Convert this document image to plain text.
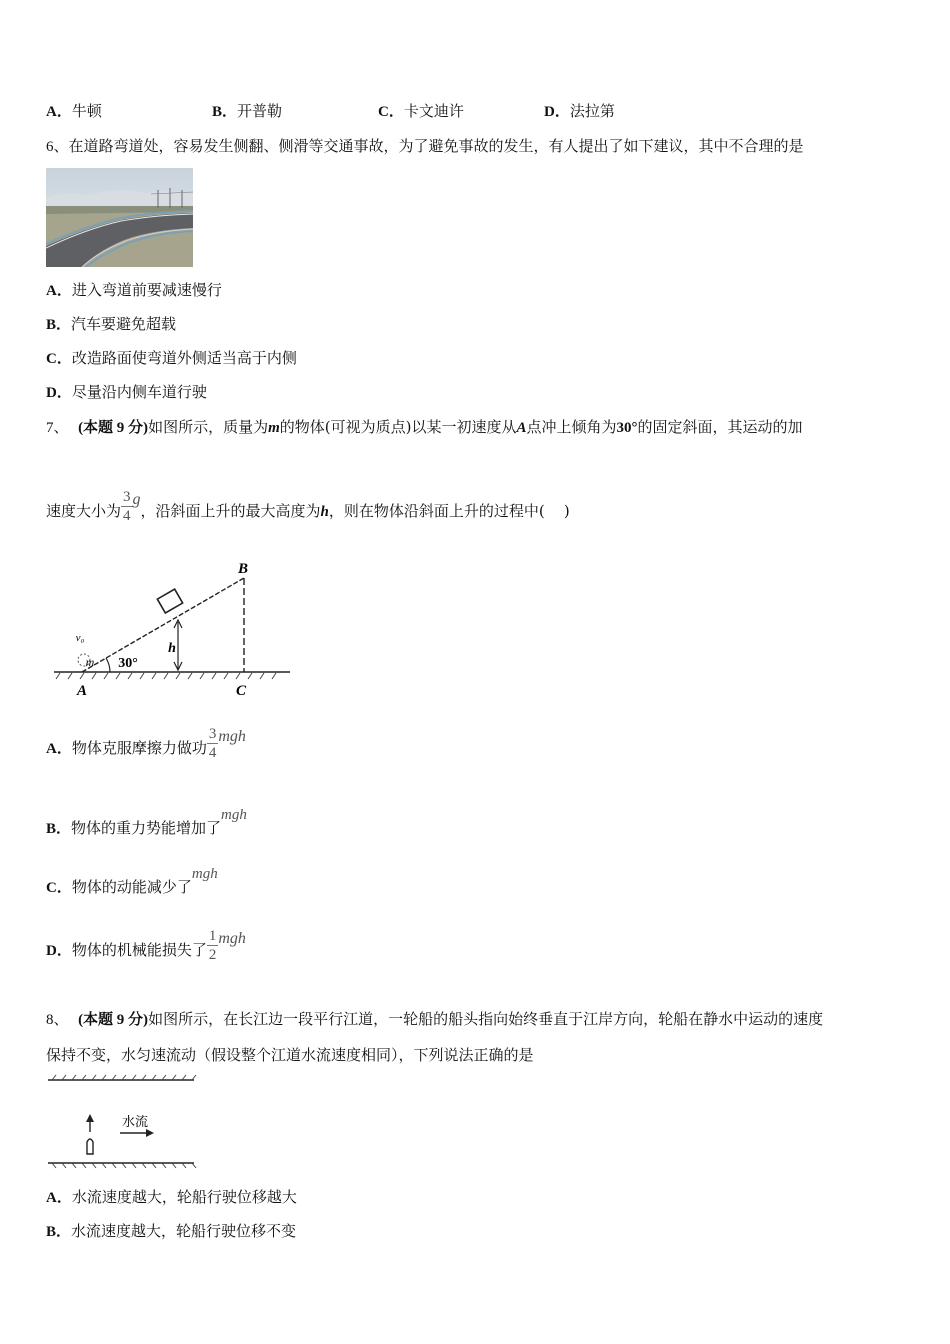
A．牛顿	B．开普勒	C．卡文迪许	D．法拉第
6、在道路弯道处，容易发生侧翻、侧滑等交通事故，为了避免事故的发生，有人提出了如下建议，其中不合理的是
A．进入弯道前要减速慢行
B．汽车要避免超载
C．改造路面使弯道外侧适当高于内侧
D．尽量沿内侧车道行驶
7、 (本题 9 分)如图所示，质量为m的物体(可视为质点)以某一初速度从A点冲上倾角为30°的固定斜面，其运动的加
速度大小为 $\frac{3}{4}$ g，沿斜面上升的最大高度为h，则在物体沿斜面上升的过程中( )
B
C
A
h
v₀
m 30°
A．物体克服摩擦力做功 $\frac{3}{4}$ mgh
B．物体的重力势能增加了mgh
C．物体的动能减少了mgh
D．物体的机械能损失了 $\frac{1}{2}$ mgh
8、 (本题 9 分)如图所示，在长江边一段平行江道，一轮船的船头指向始终垂直于江岸方向，轮船在静水中运动的速度
保持不变，水匀速流动（假设整个江道水流速度相同），下列说法正确的是
水流
A．水流速度越大，轮船行驶位移越大
B．水流速度越大，轮船行驶位移不变
